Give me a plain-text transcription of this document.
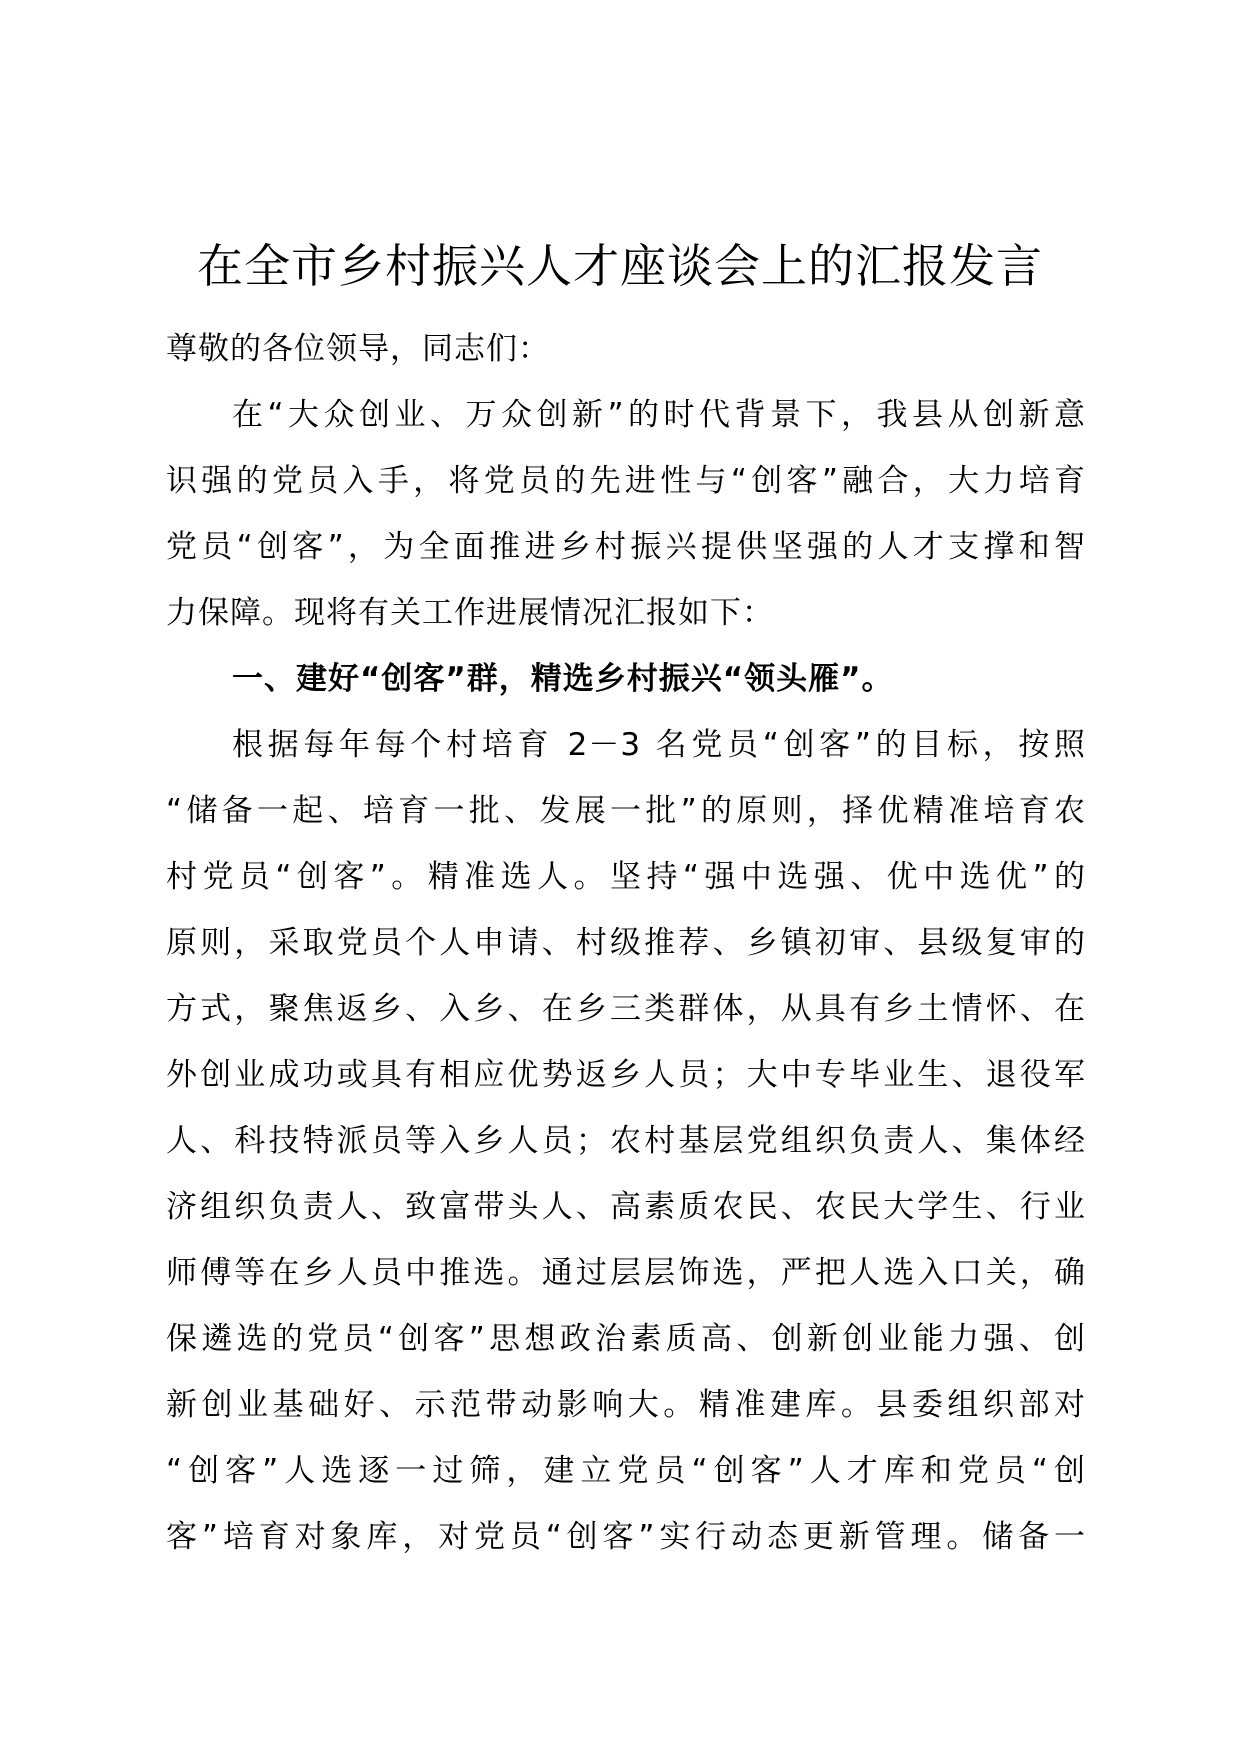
在全市乡村振兴人才座谈会上的汇报发言
尊敬的各位领导，同志们：
在“大众创业、万众创新”的时代背景下，我县从创新意
识强的党员入手，将党员的先进性与“创客”融合，大力培育
党员“创客”，为全面推进乡村振兴提供坚强的人才支撑和智
力保障。现将有关工作进展情况汇报如下：
一、建好“创客”群，精选乡村振兴“领头雁”。
根据每年每个村培育 2－3 名党员“创客”的目标，按照
“储备一起、培育一批、发展一批”的原则，择优精准培育农
村党员“创客”。精准选人。坚持“强中选强、优中选优”的
原则，采取党员个人申请、村级推荐、乡镇初审、县级复审的
方式，聚焦返乡、入乡、在乡三类群体，从具有乡土情怀、在
外创业成功或具有相应优势返乡人员；大中专毕业生、退役军
人、科技特派员等入乡人员；农村基层党组织负责人、集体经
济组织负责人、致富带头人、高素质农民、农民大学生、行业
师傅等在乡人员中推选。通过层层饰选，严把人选入口关，确
保遴选的党员“创客”思想政治素质高、创新创业能力强、创
新创业基础好、示范带动影响大。精准建库。县委组织部对
“创客”人选逐一过筛，建立党员“创客”人才库和党员“创
客”培育对象库，对党员“创客”实行动态更新管理。储备一
